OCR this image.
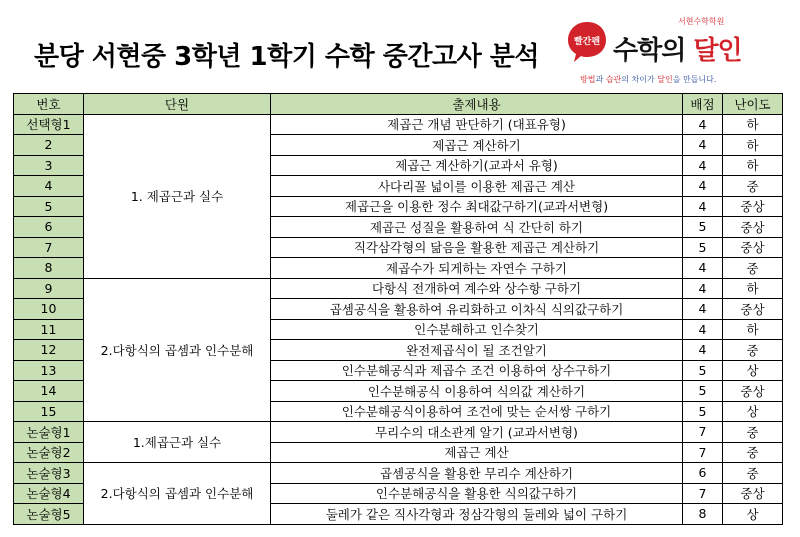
분당 서현중 3학년 1학기 수학 중간고사 분석	빨간펜
서현수학학원
수학의 달인
방법과 습관의 차이가 달인을 만듭니다.
번호	단원	출제내용	배점	난이도
선택형1	1. 제곱근과 실수	제곱근 개념 판단하기 (대표유형)	4	하
2		제곱근 계산하기	4	하
3		제곱근 계산하기(교과서 유형)	4	하
4		사다리꼴 넓이를 이용한 제곱근 계산	4	중
5		제곱근을 이용한 정수 최대값구하기(교과서변형)	4	중상
6		제곱근 성질을 활용하여 식 간단히 하기	5	중상
7		직각삼각형의 닮음을 활용한 제곱근 계산하기	5	중상
8		제곱수가 되게하는 자연수 구하기	4	중
9	2.다항식의 곱셈과 인수분해	다항식 전개하여 계수와 상수항 구하기	4	하
10		곱셈공식을 활용하여 유리화하고 이차식 식의값구하기	4	중상
11		인수분해하고 인수찾기	4	하
12		완전제곱식이 될 조건알기	4	중
13		인수분해공식과 제곱수 조건 이용하여 상수구하기	5	상
14		인수분해공식 이용하여 식의값 계산하기	5	중상
15		인수분해공식이용하여 조건에 맞는 순서쌍 구하기	5	상
논술형1	1.제곱근과 실수	무리수의 대소관계 알기 (교과서변형)	7	중
논술형2		제곱근 계산	7	중
논술형3	2.다항식의 곱셈과 인수분해	곱셈공식을 활용한 무리수 계산하기	6	중
논술형4		인수분해공식을 활용한 식의값구하기	7	중상
논술형5		둘레가 같은 직사각형과 정삼각형의 둘레와 넓이 구하기	8	상
